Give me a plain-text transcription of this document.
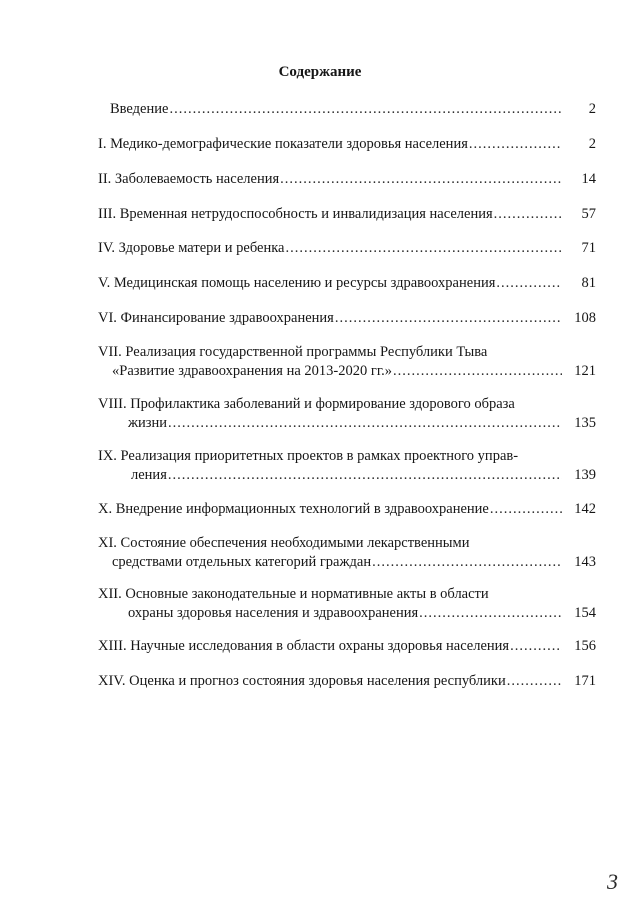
Содержание
Введение .....	2
I. Медико-демографические показатели здоровья населения .....	2
II. Заболеваемость населения .....	14
III. Временная нетрудоспособность и инвалидизация населения .....	57
IV. Здоровье матери и ребенка .....	71
V. Медицинская помощь населению и ресурсы здравоохранения .....	81
VI. Финансирование здравоохранения .....	108
VII. Реализация государственной программы Республики Тыва
«Развитие здравоохранения на 2013-2020 гг.» .....	121
VIII. Профилактика заболеваний и формирование здорового образа
жизни .....	135
IX. Реализация приоритетных проектов в рамках проектного управ-
ления .....	139
X. Внедрение информационных технологий в здравоохранение .....	142
XI. Состояние обеспечения необходимыми лекарственными
средствами отдельных категорий граждан .....	143
XII. Основные законодательные и нормативные акты в области
охраны здоровья населения и здравоохранения .....	154
XIII. Научные исследования в области охраны здоровья населения .....	156
XIV. Оценка и прогноз состояния здоровья населения республики .....	171
3
